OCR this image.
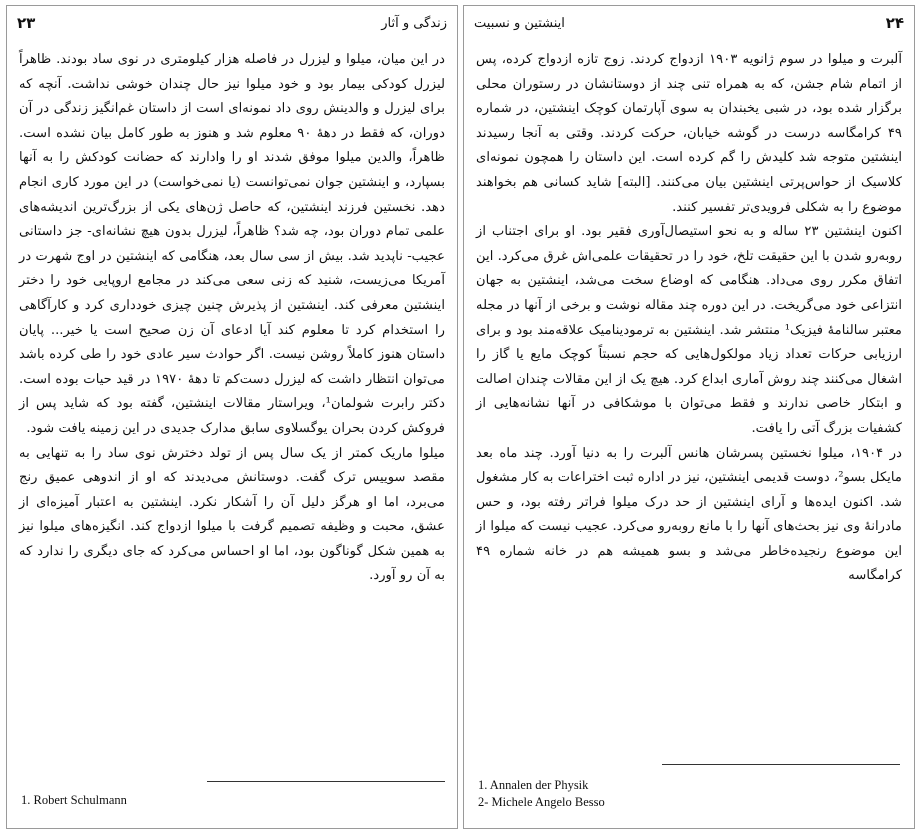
۲۳	زندگی و آثار

در این میان، میلوا و لیزرل در فاصله هزار کیلومتری در نوی ساد بودند. ظاهراً لیزرل کودکی بیمار بود و خود میلوا نیز حال چندان خوشی نداشت. آنچه که برای لیزرل و والدینش روی داد نمونه‌ای است از داستان غم‌انگیز زندگی در آن دوران، که فقط در دههٔ ۹۰ معلوم شد و هنوز به طور کامل بیان نشده است. ظاهراً، والدین میلوا موفق شدند او را وادارند که حضانت کودکش را به آنها بسپارد، و اینشتین جوان نمی‌توانست (یا نمی‌خواست) در این مورد کاری انجام دهد. نخستین فرزند اینشتین، که حاصل ژن‌های یکی از بزرگ‌ترین اندیشه‌های علمی تمام دوران بود، چه شد؟ ظاهراً، لیزرل بدون هیچ نشانه‌ای- جز داستانی عجیب- ناپدید شد. بیش از سی سال بعد، هنگامی که اینشتین در اوج شهرت در آمریکا می‌زیست، شنید که زنی سعی می‌کند در مجامع اروپایی خود را دختر اینشتین معرفی کند. اینشتین از پذیرش چنین چیزی خودداری کرد و کارآگاهی را استخدام کرد تا معلوم کند آیا ادعای آن زن صحیح است یا خیر... پایان داستان هنوز کاملاً روشن نیست. اگر حوادث سیر عادی خود را طی کرده باشد می‌توان انتظار داشت که لیزرل دست‌کم تا دههٔ ۱۹۷۰ در قید حیات بوده است. دکتر رابرت شولمان¹، ویراستار مقالات اینشتین، گفته بود که شاید پس از فروکش کردن بحران یوگسلاوی سابق مدارک جدیدی در این زمینه یافت شود.

میلوا ماریک کمتر از یک سال پس از تولد دخترش نوی ساد را به تنهایی به مقصد سوییس ترک گفت. دوستانش می‌دیدند که او از اندوهی عمیق رنج می‌برد، اما او هرگز دلیل آن را آشکار نکرد. اینشتین به اعتبار آمیزه‌ای از عشق، محبت و وظیفه تصمیم گرفت با میلوا ازدواج کند. انگیزه‌های میلوا نیز به همین شکل گوناگون بود، اما او احساس می‌کرد که جای دیگری را ندارد که به آن رو آورد.

1. Robert Schulmann
اینشتین و نسبیت	۲۴

آلبرت و میلوا در سوم ژانویه ۱۹۰۳ ازدواج کردند. زوج تازه ازدواج کرده، پس از اتمام شام جشن، که به همراه تنی چند از دوستانشان در رستوران محلی برگزار شده بود، در شبی یخبندان به سوی آپارتمان کوچک اینشتین، در شماره ۴۹ کرامگاسه درست در گوشه خیابان، حرکت کردند. وقتی به آنجا رسیدند اینشتین متوجه شد کلیدش را گم کرده است. این داستان را همچون نمونه‌ای کلاسیک از حواس‌پرتی اینشتین بیان می‌کنند. [البته] شاید کسانی هم بخواهند موضوع را به شکلی فرویدی‌تر تفسیر کنند.

اکنون اینشتین ۲۳ ساله و به نحو استیصال‌آوری فقیر بود. او برای اجتناب از روبه‌رو شدن با این حقیقت تلخ، خود را در تحقیقات علمی‌اش غرق می‌کرد. این اتفاق مکرر روی می‌داد. هنگامی که اوضاع سخت می‌شد، اینشتین به جهان انتزاعی خود می‌گریخت. در این دوره چند مقاله نوشت و برخی از آنها در مجله معتبر سالنامهٔ فیزیک¹ منتشر شد. اینشتین به ترمودینامیک علاقه‌مند بود و برای ارزیابی حرکات تعداد زیاد مولکول‌هایی که حجم نسبتاً کوچک مایع یا گاز را اشغال می‌کنند چند روش آماری ابداع کرد. هیچ یک از این مقالات چندان اصالت و ابتکار خاصی ندارند و فقط می‌توان با موشکافی در آنها نشانه‌هایی از کشفیات بزرگ آتی را یافت.

در ۱۹۰۴، میلوا نخستین پسرشان هانس آلبرت را به دنیا آورد. چند ماه بعد مایکل بسو²، دوست قدیمی اینشتین، نیز در اداره ثبت اختراعات به کار مشغول شد. اکنون ایده‌ها و آرای اینشتین از حد درک میلوا فراتر رفته بود، و حس مادرانهٔ وی نیز بحث‌های آنها را با مانع روبه‌رو می‌کرد. عجیب نیست که میلوا از این موضوع رنجیده‌خاطر می‌شد و بسو همیشه هم در خانه شماره ۴۹ کرامگاسه

1. Annalen der Physik
2- Michele Angelo Besso
